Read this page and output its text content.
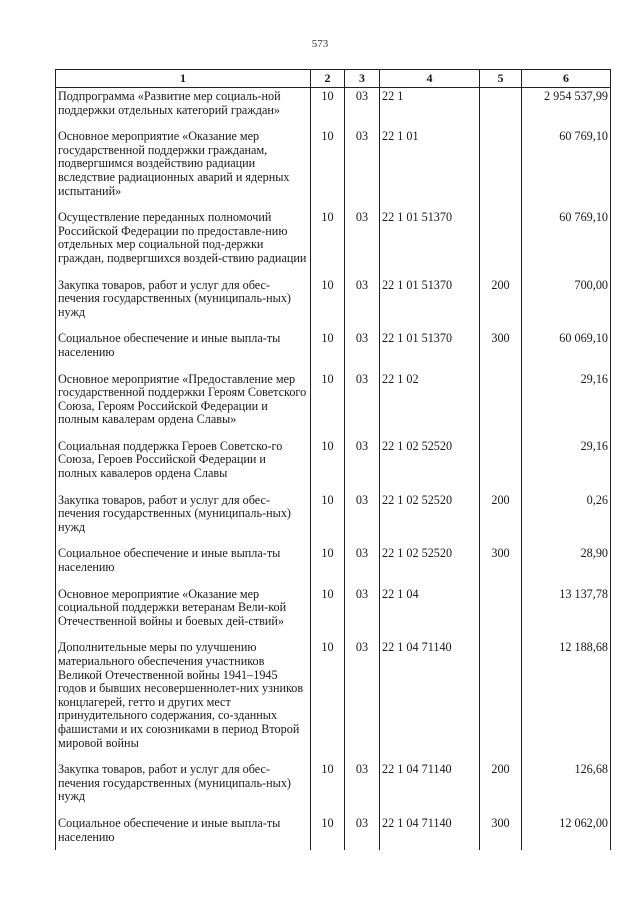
573
1	2	3	4	5	6
Подпрограмма «Развитие мер социаль-ной поддержки отдельных категорий граждан»	10	03	22 1		2 954 537,99
Основное мероприятие «Оказание мер государственной поддержки гражданам, подвергшимся воздействию радиации вследствие радиационных аварий и ядерных испытаний»	10	03	22 1 01		60 769,10
Осуществление переданных полномочий Российской Федерации по предоставле-нию отдельных мер социальной под-держки граждан, подвергшихся воздей-ствию радиации	10	03	22 1 01 51370		60 769,10
Закупка товаров, работ и услуг для обес-печения государственных (муниципаль-ных) нужд	10	03	22 1 01 51370	200	700,00
Социальное обеспечение и иные выпла-ты населению	10	03	22 1 01 51370	300	60 069,10
Основное мероприятие «Предоставление мер государственной поддержки Героям Советского Союза, Героям Российской Федерации и полным кавалерам ордена Славы»	10	03	22 1 02		29,16
Социальная поддержка Героев Советско-го Союза, Героев Российской Федерации и полных кавалеров ордена Славы	10	03	22 1 02 52520		29,16
Закупка товаров, работ и услуг для обес-печения государственных (муниципаль-ных) нужд	10	03	22 1 02 52520	200	0,26
Социальное обеспечение и иные выпла-ты населению	10	03	22 1 02 52520	300	28,90
Основное мероприятие «Оказание мер социальной поддержки ветеранам Вели-кой Отечественной войны и боевых дей-ствий»	10	03	22 1 04		13 137,78
Дополнительные меры по улучшению материального обеспечения участников Великой Отечественной войны 1941–1945 годов и бывших несовершеннолет-них узников концлагерей, гетто и других мест принудительного содержания, со-зданных фашистами и их союзниками в период Второй мировой войны	10	03	22 1 04 71140		12 188,68
Закупка товаров, работ и услуг для обес-печения государственных (муниципаль-ных) нужд	10	03	22 1 04 71140	200	126,68
Социальное обеспечение и иные выпла-ты населению	10	03	22 1 04 71140	300	12 062,00
